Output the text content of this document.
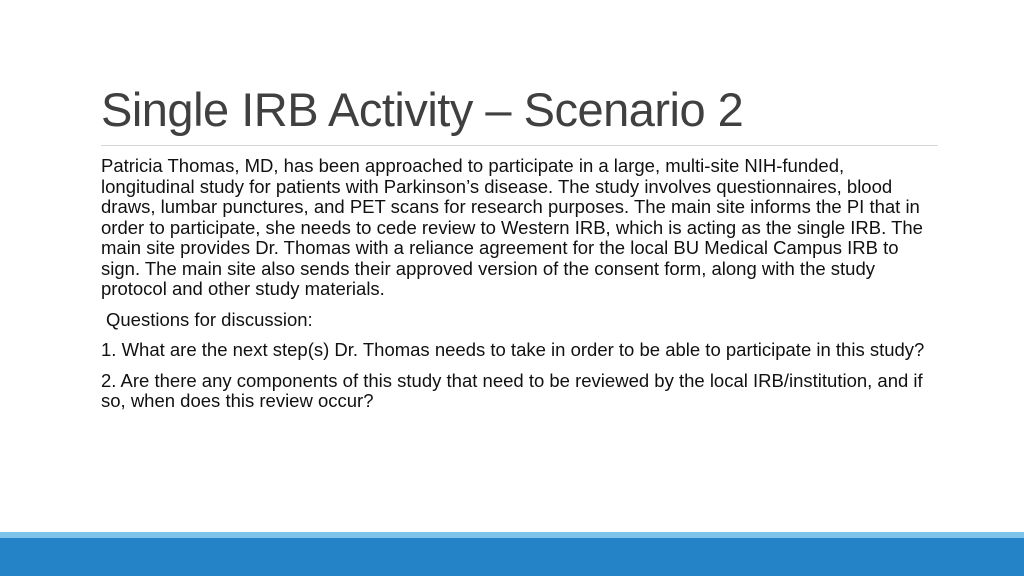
Single IRB Activity – Scenario 2

Patricia Thomas, MD, has been approached to participate in a large, multi-site NIH-funded, longitudinal study for patients with Parkinson’s disease. The study involves questionnaires, blood draws, lumbar punctures, and PET scans for research purposes. The main site informs the PI that in order to participate, she needs to cede review to Western IRB, which is acting as the single IRB. The main site provides Dr. Thomas with a reliance agreement for the local BU Medical Campus IRB to sign. The main site also sends their approved version of the consent form, along with the study protocol and other study materials.

Questions for discussion:

1. What are the next step(s) Dr. Thomas needs to take in order to be able to participate in this study?

2. Are there any components of this study that need to be reviewed by the local IRB/institution, and if so, when does this review occur?
